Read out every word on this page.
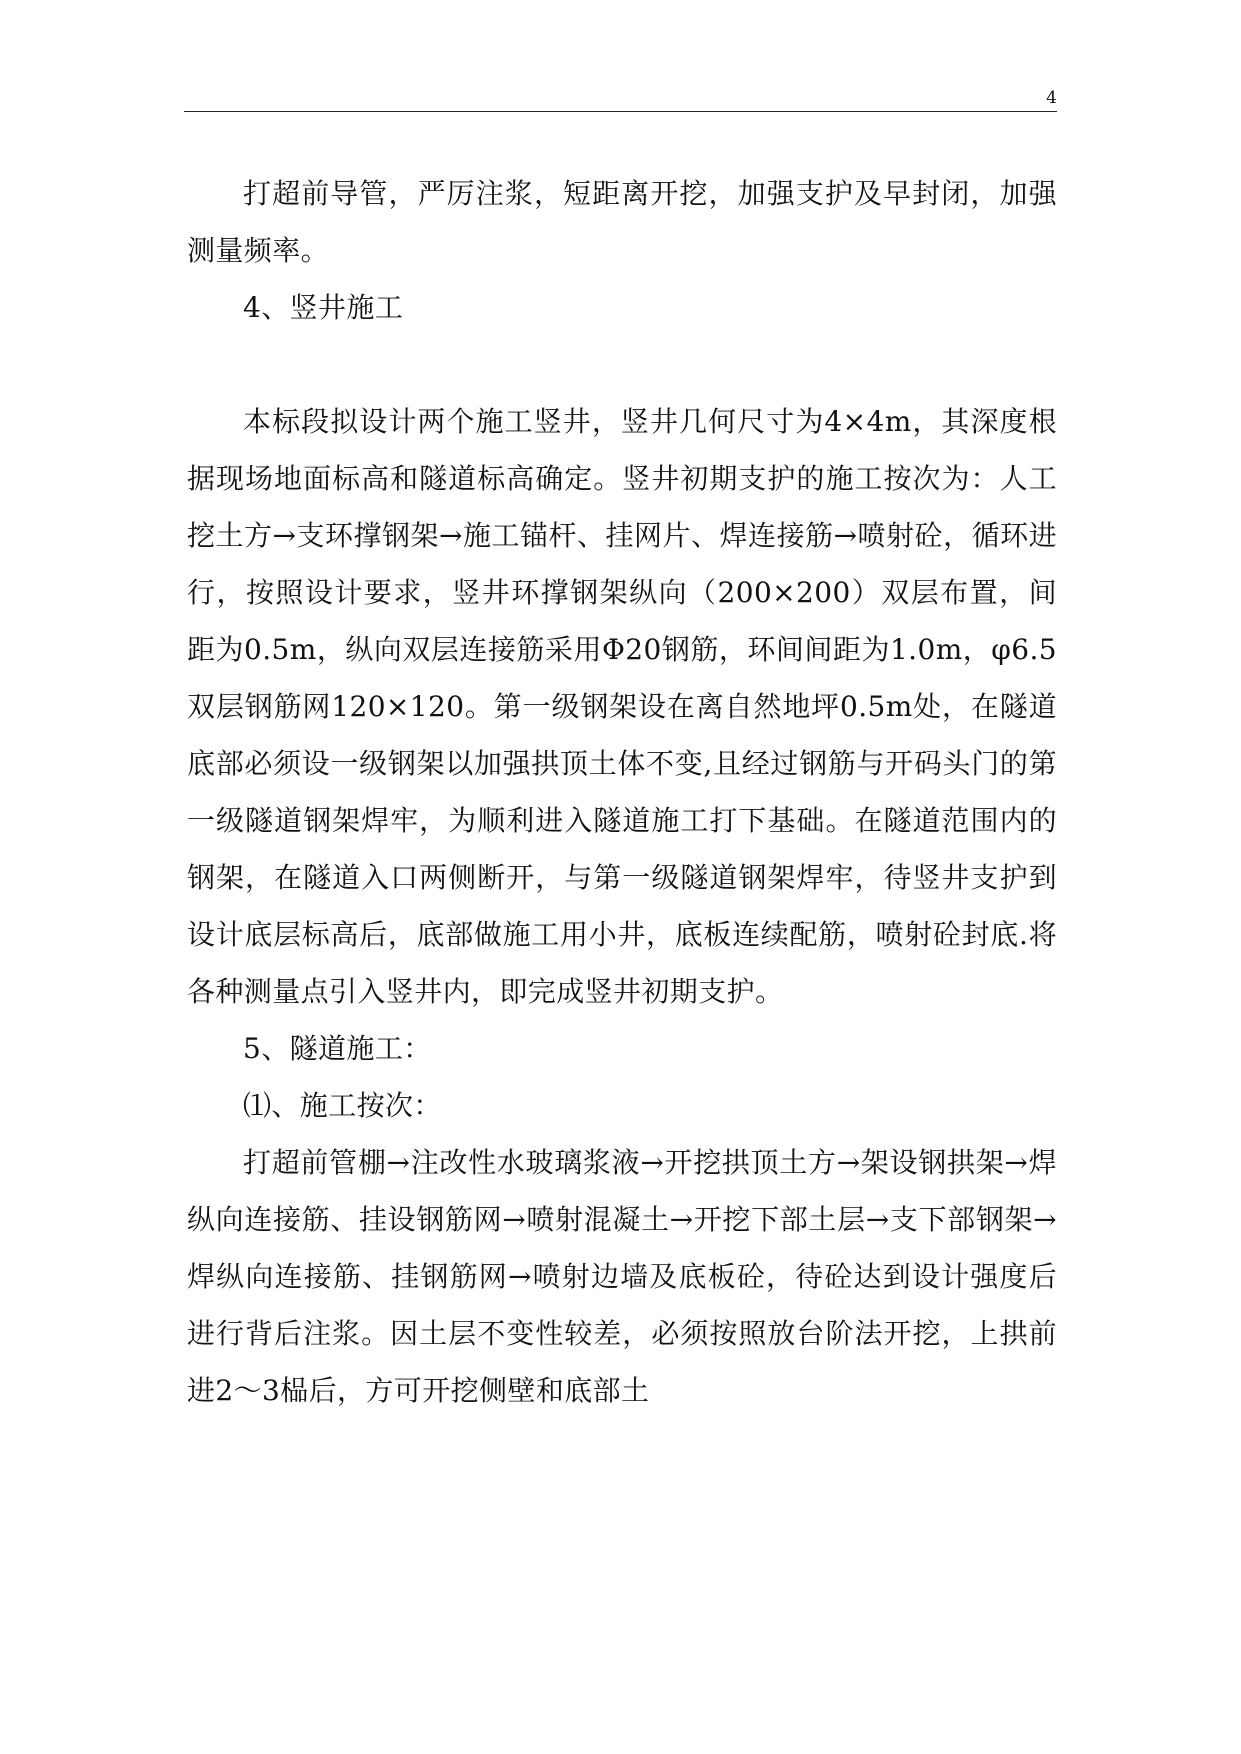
4

打超前导管，严厉注浆，短距离开挖，加强支护及早封闭，加强测量频率。

4、竖井施工

本标段拟设计两个施工竖井，竖井几何尺寸为4×4m，其深度根据现场地面标高和隧道标高确定。竖井初期支护的施工按次为：人工挖土方→支环撑钢架→施工锚杆、挂网片、焊连接筋→喷射砼，循环进行，按照设计要求，竖井环撑钢架纵向（200×200）双层布置，间距为0.5m，纵向双层连接筋采用Φ20钢筋，环间间距为1.0m，φ6.5双层钢筋网120×120。第一级钢架设在离自然地坪0.5m处，在隧道底部必须设一级钢架以加强拱顶土体不变,且经过钢筋与开码头门的第一级隧道钢架焊牢，为顺利进入隧道施工打下基础。在隧道范围内的钢架，在隧道入口两侧断开，与第一级隧道钢架焊牢，待竖井支护到设计底层标高后，底部做施工用小井，底板连续配筋，喷射砼封底.将各种测量点引入竖井内，即完成竖井初期支护。

5、隧道施工：

⑴、施工按次：

打超前管棚→注改性水玻璃浆液→开挖拱顶土方→架设钢拱架→焊纵向连接筋、挂设钢筋网→喷射混凝土→开挖下部土层→支下部钢架→焊纵向连接筋、挂钢筋网→喷射边墙及底板砼，待砼达到设计强度后进行背后注浆。因土层不变性较差，必须按照放台阶法开挖，上拱前进2～3榀后，方可开挖侧壁和底部土
